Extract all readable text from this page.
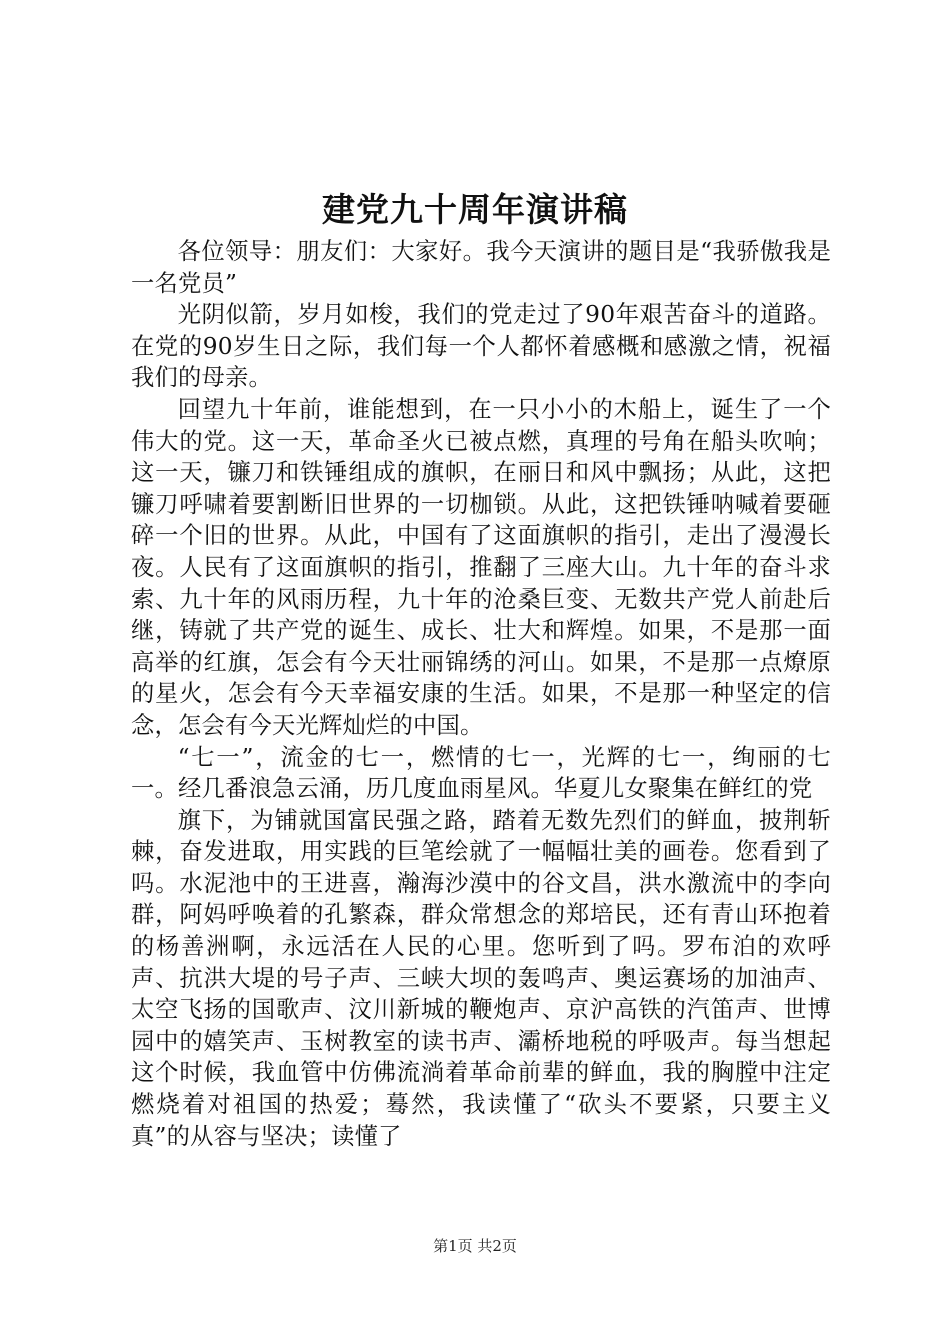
建党九十周年演讲稿

各位领导：朋友们：大家好。我今天演讲的题目是“我骄傲我是一名党员”

光阴似箭，岁月如梭，我们的党走过了90年艰苦奋斗的道路。在党的90岁生日之际，我们每一个人都怀着感概和感激之情，祝福我们的母亲。

回望九十年前，谁能想到，在一只小小的木船上，诞生了一个伟大的党。这一天，革命圣火已被点燃，真理的号角在船头吹响；这一天，镰刀和铁锤组成的旗帜，在丽日和风中飘扬；从此，这把镰刀呼啸着要割断旧世界的一切枷锁。从此，这把铁锤呐喊着要砸碎一个旧的世界。从此，中国有了这面旗帜的指引，走出了漫漫长夜。人民有了这面旗帜的指引，推翻了三座大山。九十年的奋斗求索、九十年的风雨历程，九十年的沧桑巨变、无数共产党人前赴后继，铸就了共产党的诞生、成长、壮大和辉煌。如果，不是那一面高举的红旗，怎会有今天壮丽锦绣的河山。如果，不是那一点燎原的星火，怎会有今天幸福安康的生活。如果，不是那一种坚定的信念，怎会有今天光辉灿烂的中国。

“七一”，流金的七一，燃情的七一，光辉的七一，绚丽的七一。经几番浪急云涌，历几度血雨星风。华夏儿女聚集在鲜红的党

旗下，为铺就国富民强之路，踏着无数先烈们的鲜血，披荆斩棘，奋发进取，用实践的巨笔绘就了一幅幅壮美的画卷。您看到了吗。水泥池中的王进喜，瀚海沙漠中的谷文昌，洪水激流中的李向群，阿妈呼唤着的孔繁森，群众常想念的郑培民，还有青山环抱着的杨善洲啊，永远活在人民的心里。您听到了吗。罗布泊的欢呼声、抗洪大堤的号子声、三峡大坝的轰鸣声、奥运赛场的加油声、太空飞扬的国歌声、汶川新城的鞭炮声、京沪高铁的汽笛声、世博园中的嬉笑声、玉树教室的读书声、灞桥地税的呼吸声。每当想起这个时候，我血管中仿佛流淌着革命前辈的鲜血，我的胸膛中注定燃烧着对祖国的热爱；蓦然，我读懂了“砍头不要紧，只要主义真”的从容与坚决；读懂了

第1页 共2页
